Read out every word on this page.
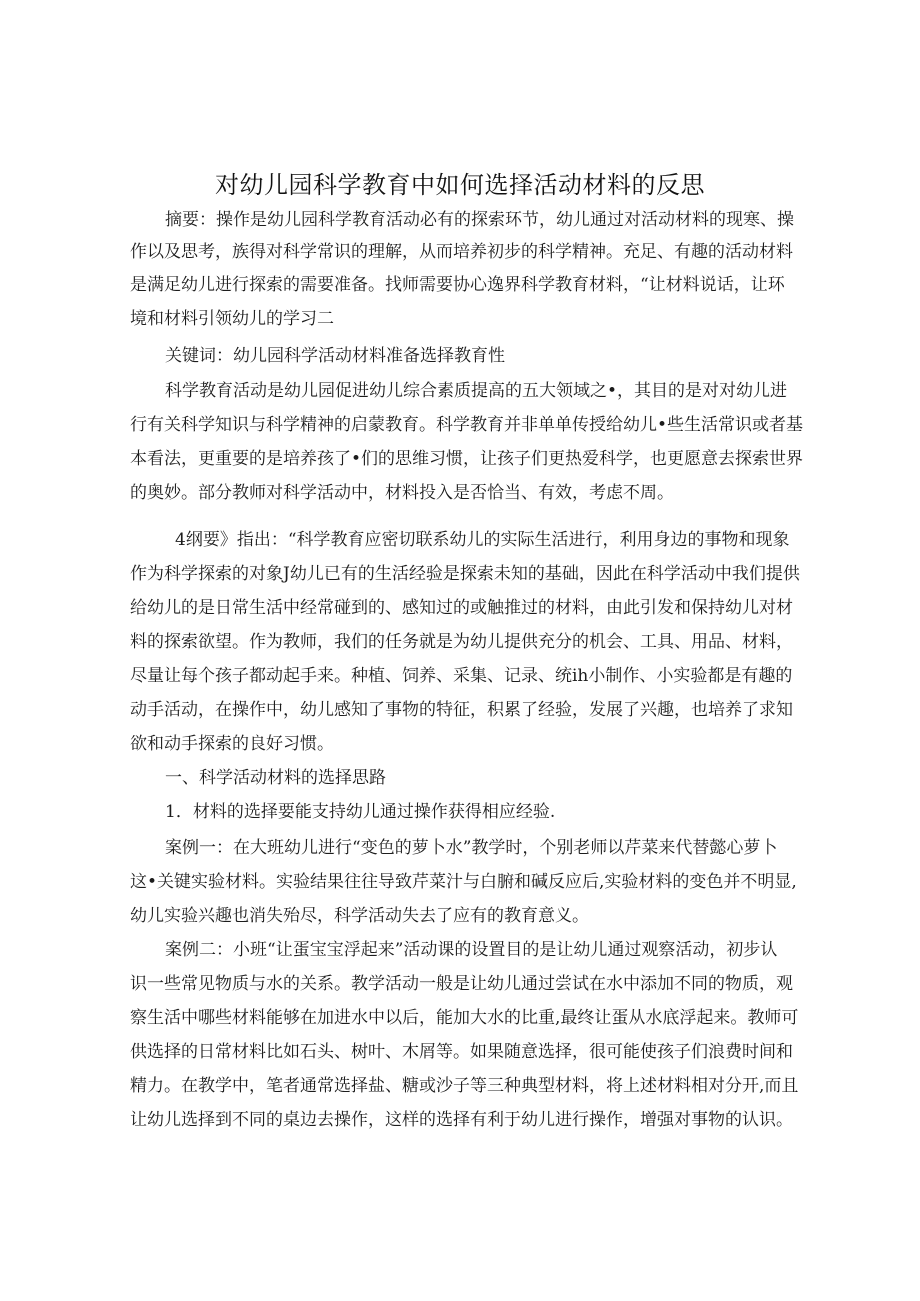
对幼儿园科学教育中如何选择活动材料的反思
摘要：操作是幼儿园科学教育活动必有的探索环节，幼儿通过对活动材料的现寒、操
作以及思考，族得对科学常识的理解，从而培养初步的科学精神。充足、有趣的活动材料
是满足幼儿进行探索的需要准备。找师需要协心逸界科学教育材料，“让材料说话，让环
境和材料引领幼儿的学习二
关键词：幼儿园科学活动材料准备选择教育性
科学教育活动是幼儿园促进幼儿综合素质提高的五大领域之•，其目的是对对幼儿进
行有关科学知识与科学精神的启蒙教育。科学教育并非单单传授给幼儿•些生活常识或者基
本看法，更重要的是培养孩了•们的思维习惯，让孩子们更热爱科学，也更愿意去探索世界
的奥妙。部分教师对科学活动中，材料投入是否恰当、有效，考虑不周。
4纲要》指出：“科学教育应密切联系幼儿的实际生活进行，利用身边的事物和现象
作为科学探索的对象J幼儿已有的生活经验是探索未知的基础，因此在科学活动中我们提供
给幼儿的是日常生活中经常碰到的、感知过的或触推过的材料，由此引发和保持幼儿对材
料的探索欲望。作为教师，我们的任务就是为幼儿提供充分的机会、工具、用品、材料，
尽量让每个孩子都动起手来。种植、饲养、采集、记录、统ih小制作、小实验都是有趣的
动手活动，在操作中，幼儿感知了事物的特征，积累了经验，发展了兴趣，也培养了求知
欲和动手探索的良好习惯。
一、科学活动材料的选择思路
1．材料的选择要能支持幼儿通过操作获得相应经验.
案例一：在大班幼儿进行“变色的萝卜水”教学时，个别老师以芹菜来代替懿心萝卜
这•关键实验材料。实验结果往往导致芹菜汁与白腑和碱反应后,实验材料的变色并不明显,
幼儿实验兴趣也消失殆尽，科学活动失去了应有的教育意义。
案例二：小班“让蛋宝宝浮起来”活动课的设置目的是让幼儿通过观察活动，初步认
识一些常见物质与水的关系。教学活动一般是让幼儿通过尝试在水中添加不同的物质，观
察生活中哪些材料能够在加进水中以后，能加大水的比重,最终让蛋从水底浮起来。教师可
供选择的日常材料比如石头、树叶、木屑等。如果随意选择，很可能使孩子们浪费时间和
精力。在教学中，笔者通常选择盐、糖或沙子等三种典型材料，将上述材料相对分开,而且
让幼儿选择到不同的桌边去操作，这样的选择有利于幼儿进行操作，增强对事物的认识。
